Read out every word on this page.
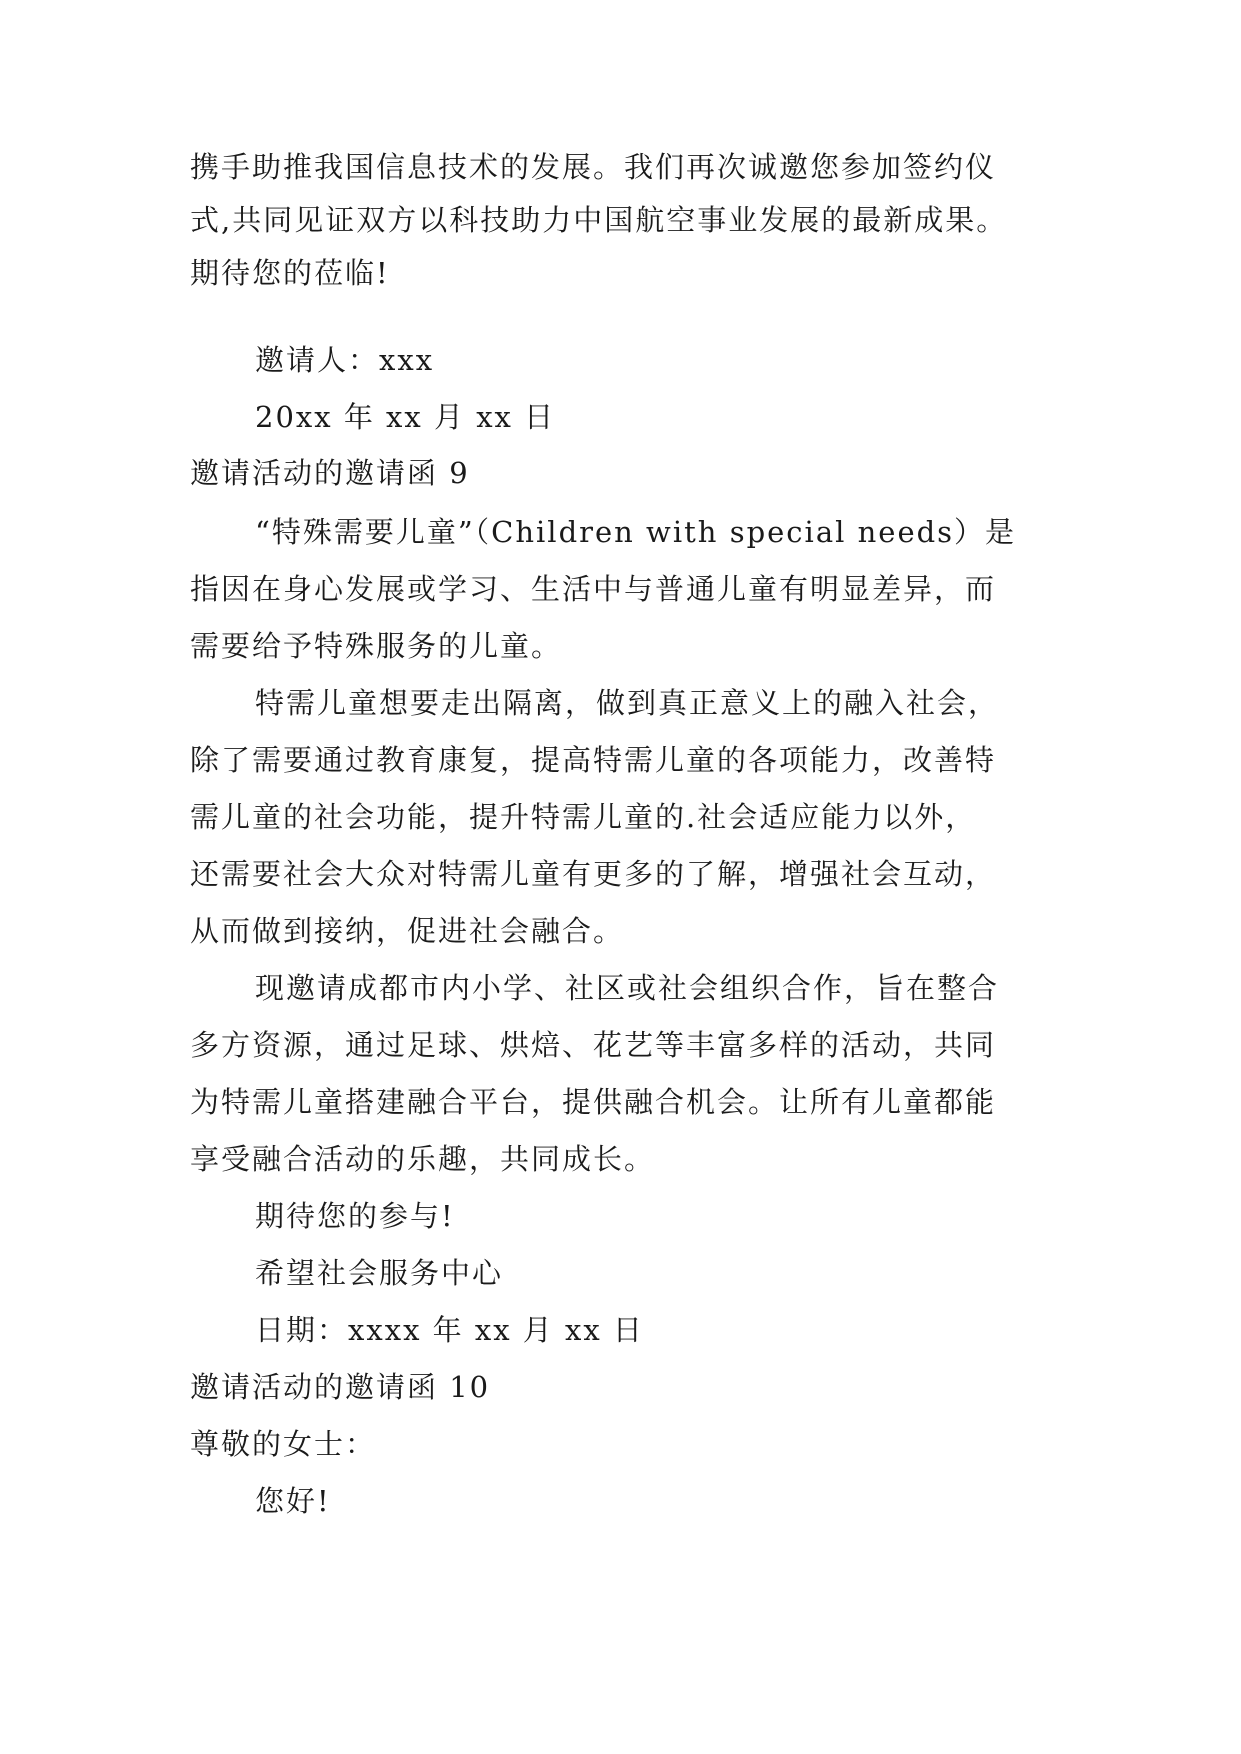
携手助推我国信息技术的发展。我们再次诚邀您参加签约仪
式,共同见证双方以科技助力中国航空事业发展的最新成果。
期待您的莅临!
邀请人：xxx
20xx 年 xx 月 xx 日
邀请活动的邀请函 9
“特殊需要儿童”（Children with special needs）是
指因在身心发展或学习、生活中与普通儿童有明显差异，而
需要给予特殊服务的儿童。
特需儿童想要走出隔离，做到真正意义上的融入社会，
除了需要通过教育康复，提高特需儿童的各项能力，改善特
需儿童的社会功能，提升特需儿童的.社会适应能力以外，
还需要社会大众对特需儿童有更多的了解，增强社会互动，
从而做到接纳，促进社会融合。
现邀请成都市内小学、社区或社会组织合作，旨在整合
多方资源，通过足球、烘焙、花艺等丰富多样的活动，共同
为特需儿童搭建融合平台，提供融合机会。让所有儿童都能
享受融合活动的乐趣，共同成长。
期待您的参与!
希望社会服务中心
日期：xxxx 年 xx 月 xx 日
邀请活动的邀请函 10
尊敬的女士：
您好!
